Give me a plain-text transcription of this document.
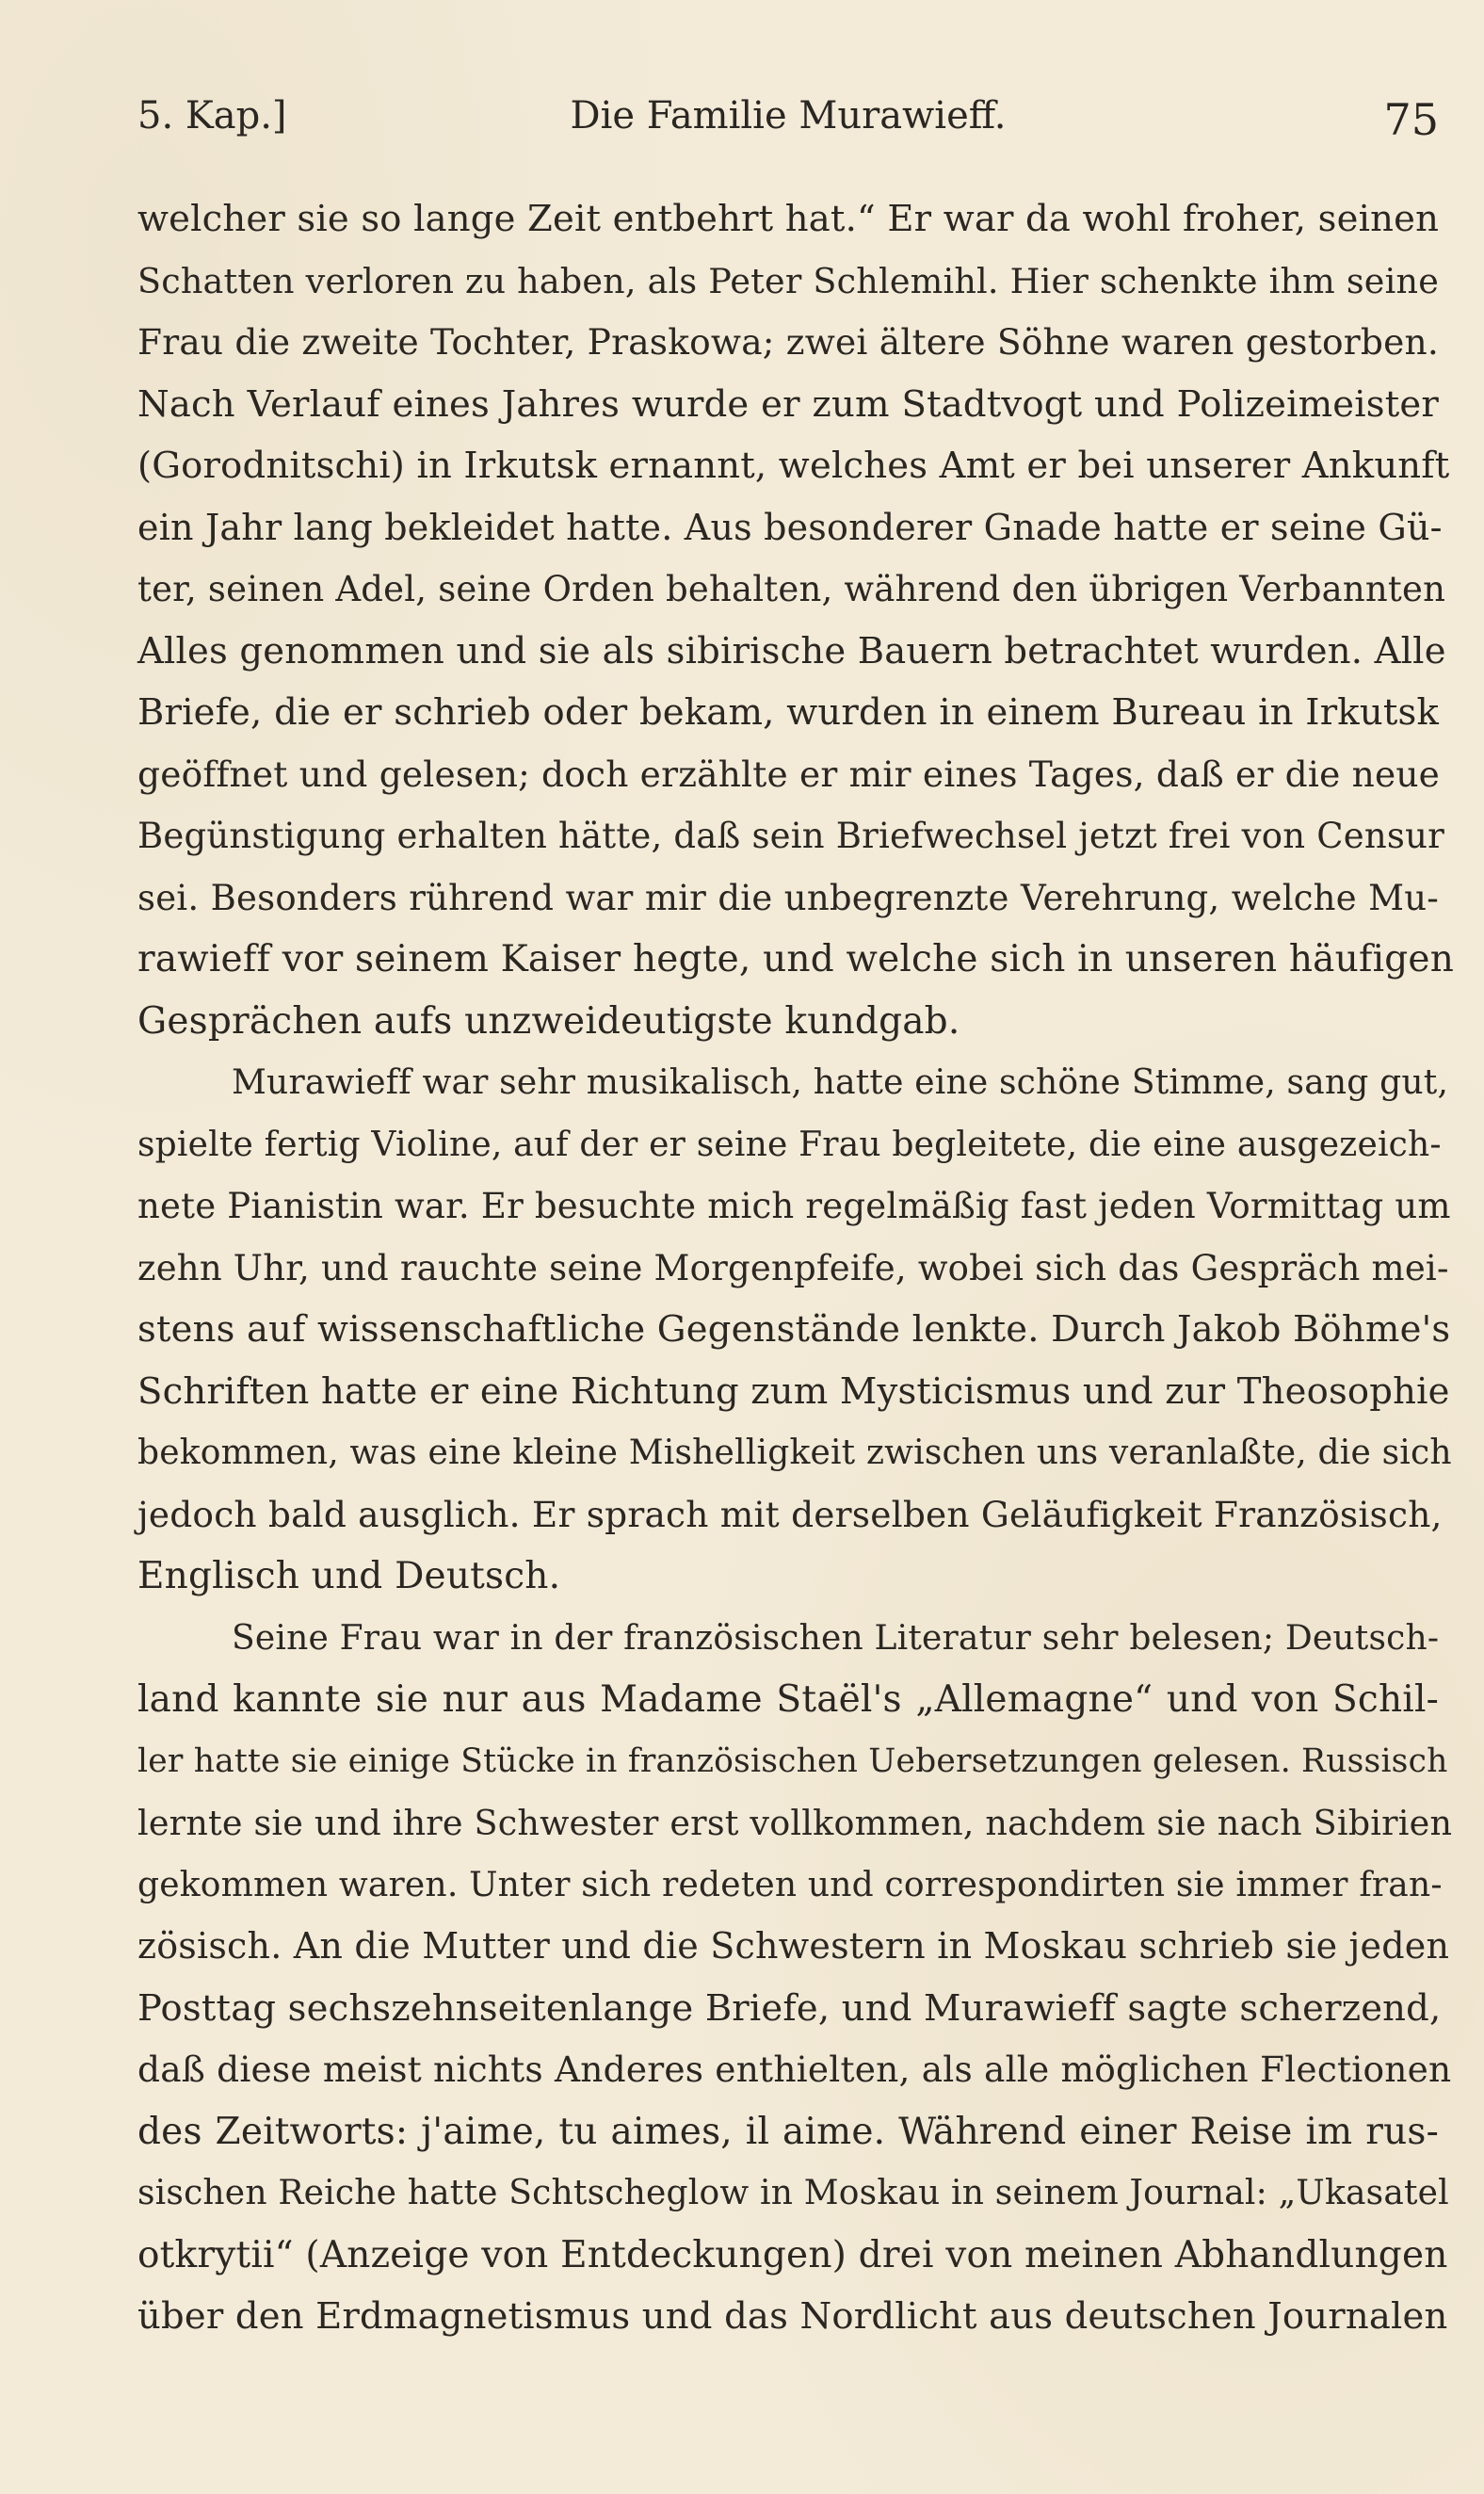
5. Kap.]	Die Familie Murawieff.	75
welcher sie so lange Zeit entbehrt hat.“ Er war da wohl froher, seinen
Schatten verloren zu haben, als Peter Schlemihl. Hier schenkte ihm seine
Frau die zweite Tochter, Praskowa; zwei ältere Söhne waren gestorben.
Nach Verlauf eines Jahres wurde er zum Stadtvogt und Polizeimeister
(Gorodnitschi) in Irkutsk ernannt, welches Amt er bei unserer Ankunft
ein Jahr lang bekleidet hatte. Aus besonderer Gnade hatte er seine Gü-
ter, seinen Adel, seine Orden behalten, während den übrigen Verbannten
Alles genommen und sie als sibirische Bauern betrachtet wurden. Alle
Briefe, die er schrieb oder bekam, wurden in einem Bureau in Irkutsk
geöffnet und gelesen; doch erzählte er mir eines Tages, daß er die neue
Begünstigung erhalten hätte, daß sein Briefwechsel jetzt frei von Censur
sei. Besonders rührend war mir die unbegrenzte Verehrung, welche Mu-
rawieff vor seinem Kaiser hegte, und welche sich in unseren häufigen
Gesprächen aufs unzweideutigste kundgab.
Murawieff war sehr musikalisch, hatte eine schöne Stimme, sang gut,
spielte fertig Violine, auf der er seine Frau begleitete, die eine ausgezeich-
nete Pianistin war. Er besuchte mich regelmäßig fast jeden Vormittag um
zehn Uhr, und rauchte seine Morgenpfeife, wobei sich das Gespräch mei-
stens auf wissenschaftliche Gegenstände lenkte. Durch Jakob Böhme's
Schriften hatte er eine Richtung zum Mysticismus und zur Theosophie
bekommen, was eine kleine Mishelligkeit zwischen uns veranlaßte, die sich
jedoch bald ausglich. Er sprach mit derselben Geläufigkeit Französisch,
Englisch und Deutsch.
Seine Frau war in der französischen Literatur sehr belesen; Deutsch-
land kannte sie nur aus Madame Staël's „Allemagne“ und von Schil-
ler hatte sie einige Stücke in französischen Uebersetzungen gelesen. Russisch
lernte sie und ihre Schwester erst vollkommen, nachdem sie nach Sibirien
gekommen waren. Unter sich redeten und correspondirten sie immer fran-
zösisch. An die Mutter und die Schwestern in Moskau schrieb sie jeden
Posttag sechszehnseitenlange Briefe, und Murawieff sagte scherzend,
daß diese meist nichts Anderes enthielten, als alle möglichen Flectionen
des Zeitworts: j'aime, tu aimes, il aime. Während einer Reise im rus-
sischen Reiche hatte Schtscheglow in Moskau in seinem Journal: „Ukasatel
otkrytii“ (Anzeige von Entdeckungen) drei von meinen Abhandlungen
über den Erdmagnetismus und das Nordlicht aus deutschen Journalen
